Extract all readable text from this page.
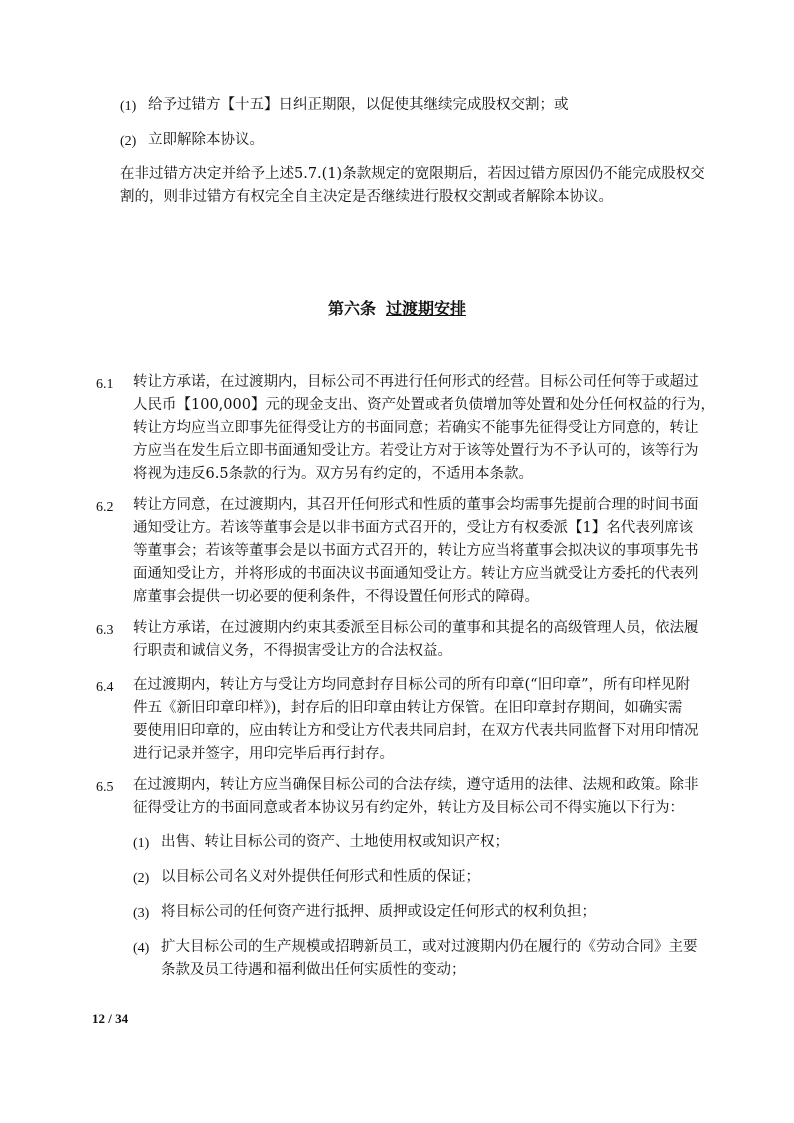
(1) 给予过错方【十五】日纠正期限，以促使其继续完成股权交割；或
(2) 立即解除本协议。
在非过错方决定并给予上述5.7.(1)条款规定的宽限期后，若因过错方原因仍不能完成股权交
割的，则非过错方有权完全自主决定是否继续进行股权交割或者解除本协议。
第六条 过渡期安排
6.1 转让方承诺，在过渡期内，目标公司不再进行任何形式的经营。目标公司任何等于或超过
人民币【100,000】元的现金支出、资产处置或者负债增加等处置和处分任何权益的行为，
转让方均应当立即事先征得受让方的书面同意；若确实不能事先征得受让方同意的，转让
方应当在发生后立即书面通知受让方。若受让方对于该等处置行为不予认可的，该等行为
将视为违反6.5条款的行为。双方另有约定的，不适用本条款。
6.2 转让方同意，在过渡期内，其召开任何形式和性质的董事会均需事先提前合理的时间书面
通知受让方。若该等董事会是以非书面方式召开的，受让方有权委派【1】名代表列席该
等董事会；若该等董事会是以书面方式召开的，转让方应当将董事会拟决议的事项事先书
面通知受让方，并将形成的书面决议书面通知受让方。转让方应当就受让方委托的代表列
席董事会提供一切必要的便利条件，不得设置任何形式的障碍。
6.3 转让方承诺，在过渡期内约束其委派至目标公司的董事和其提名的高级管理人员，依法履
行职责和诚信义务，不得损害受让方的合法权益。
6.4 在过渡期内，转让方与受让方均同意封存目标公司的所有印章(“旧印章”，所有印样见附
件五《新旧印章印样》)，封存后的旧印章由转让方保管。在旧印章封存期间，如确实需
要使用旧印章的，应由转让方和受让方代表共同启封，在双方代表共同监督下对用印情况
进行记录并签字，用印完毕后再行封存。
6.5 在过渡期内，转让方应当确保目标公司的合法存续，遵守适用的法律、法规和政策。除非
征得受让方的书面同意或者本协议另有约定外，转让方及目标公司不得实施以下行为：
(1) 出售、转让目标公司的资产、土地使用权或知识产权；
(2) 以目标公司名义对外提供任何形式和性质的保证；
(3) 将目标公司的任何资产进行抵押、质押或设定任何形式的权利负担；
(4) 扩大目标公司的生产规模或招聘新员工，或对过渡期内仍在履行的《劳动合同》主要
条款及员工待遇和福利做出任何实质性的变动；
12 / 34
